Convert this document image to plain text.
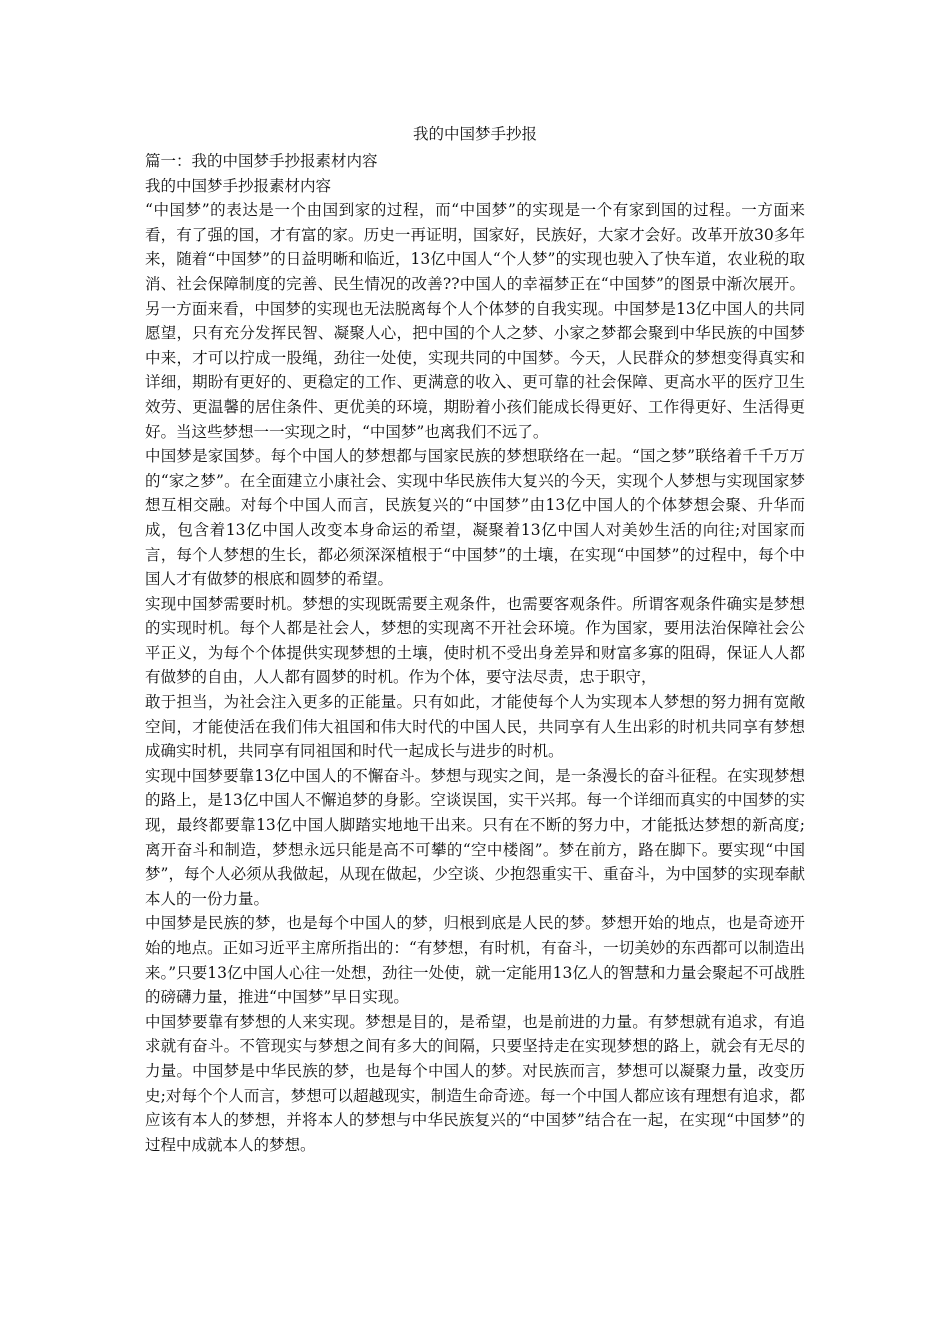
我的中国梦手抄报

篇一：我的中国梦手抄报素材内容

我的中国梦手抄报素材内容

“中国梦”的表达是一个由国到家的过程，而“中国梦”的实现是一个有家到国的过程。一方面来看，有了强的国，才有富的家。历史一再证明，国家好，民族好，大家才会好。改革开放30多年来，随着“中国梦”的日益明晰和临近，13亿中国人“个人梦”的实现也驶入了快车道，农业税的取消、社会保障制度的完善、民生情况的改善??中国人的幸福梦正在“中国梦”的图景中渐次展开。另一方面来看，中国梦的实现也无法脱离每个人个体梦的自我实现。中国梦是13亿中国人的共同愿望，只有充分发挥民智、凝聚人心，把中国的个人之梦、小家之梦都会聚到中华民族的中国梦中来，才可以拧成一股绳，劲往一处使，实现共同的中国梦。今天，人民群众的梦想变得真实和详细，期盼有更好的、更稳定的工作、更满意的收入、更可靠的社会保障、更高水平的医疗卫生效劳、更温馨的居住条件、更优美的环境，期盼着小孩们能成长得更好、工作得更好、生活得更好。当这些梦想一一实现之时，“中国梦”也离我们不远了。

中国梦是家国梦。每个中国人的梦想都与国家民族的梦想联络在一起。“国之梦”联络着千千万万的“家之梦”。在全面建立小康社会、实现中华民族伟大复兴的今天，实现个人梦想与实现国家梦想互相交融。对每个中国人而言，民族复兴的“中国梦”由13亿中国人的个体梦想会聚、升华而成，包含着13亿中国人改变本身命运的希望，凝聚着13亿中国人对美妙生活的向往;对国家而言，每个人梦想的生长，都必须深深植根于“中国梦”的土壤，在实现“中国梦”的过程中，每个中国人才有做梦的根底和圆梦的希望。

实现中国梦需要时机。梦想的实现既需要主观条件，也需要客观条件。所谓客观条件确实是梦想的实现时机。每个人都是社会人，梦想的实现离不开社会环境。作为国家，要用法治保障社会公平正义，为每个个体提供实现梦想的土壤，使时机不受出身差异和财富多寡的阻碍，保证人人都有做梦的自由，人人都有圆梦的时机。作为个体，要守法尽责，忠于职守，

敢于担当，为社会注入更多的正能量。只有如此，才能使每个人为实现本人梦想的努力拥有宽敞空间，才能使活在我们伟大祖国和伟大时代的中国人民，共同享有人生出彩的时机共同享有梦想成确实时机，共同享有同祖国和时代一起成长与进步的时机。

实现中国梦要靠13亿中国人的不懈奋斗。梦想与现实之间，是一条漫长的奋斗征程。在实现梦想的路上，是13亿中国人不懈追梦的身影。空谈误国，实干兴邦。每一个详细而真实的中国梦的实现，最终都要靠13亿中国人脚踏实地地干出来。只有在不断的努力中，才能抵达梦想的新高度;离开奋斗和制造，梦想永远只能是高不可攀的“空中楼阁”。梦在前方，路在脚下。要实现“中国梦”，每个人必须从我做起，从现在做起，少空谈、少抱怨重实干、重奋斗，为中国梦的实现奉献本人的一份力量。

中国梦是民族的梦，也是每个中国人的梦，归根到底是人民的梦。梦想开始的地点，也是奇迹开始的地点。正如习近平主席所指出的：“有梦想，有时机，有奋斗，一切美妙的东西都可以制造出来。”只要13亿中国人心往一处想，劲往一处使，就一定能用13亿人的智慧和力量会聚起不可战胜的磅礴力量，推进“中国梦”早日实现。

中国梦要靠有梦想的人来实现。梦想是目的，是希望，也是前进的力量。有梦想就有追求，有追求就有奋斗。不管现实与梦想之间有多大的间隔，只要坚持走在实现梦想的路上，就会有无尽的力量。中国梦是中华民族的梦，也是每个中国人的梦。对民族而言，梦想可以凝聚力量，改变历史;对每个个人而言，梦想可以超越现实，制造生命奇迹。每一个中国人都应该有理想有追求，都应该有本人的梦想，并将本人的梦想与中华民族复兴的“中国梦”结合在一起，在实现“中国梦”的过程中成就本人的梦想。
